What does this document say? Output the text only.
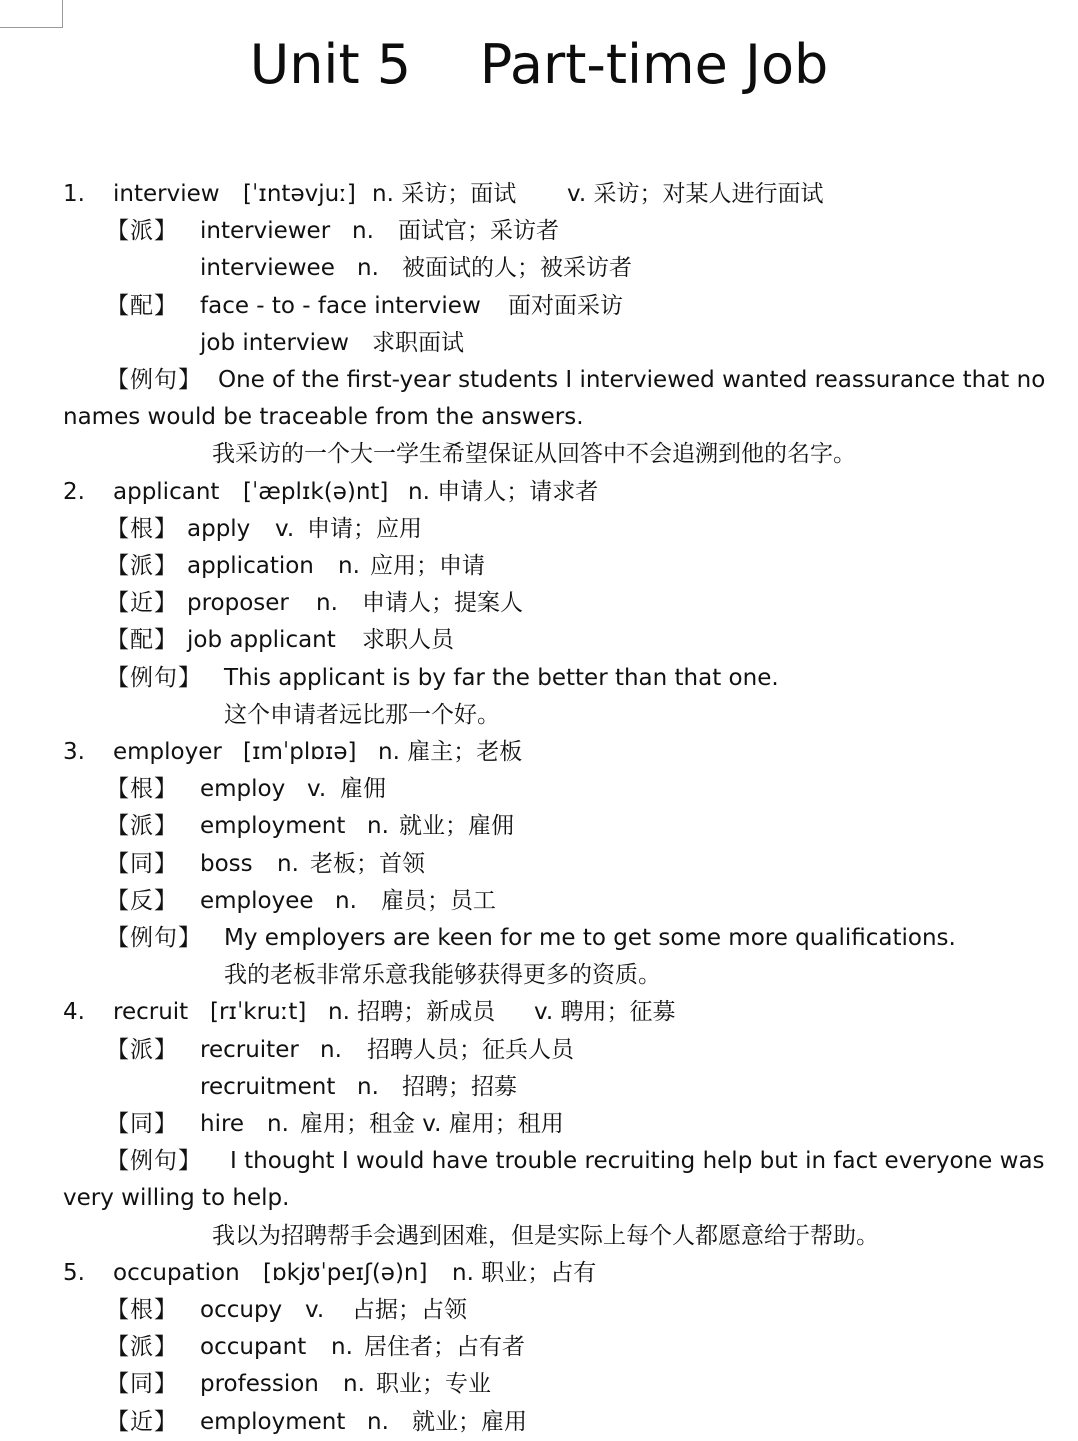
Unit 5    Part-time Job
1. interview [ˈɪntəvjuː] n. 采访；面试 v. 采访；对某人进行面试
【派】 interviewer n. 面试官；采访者
interviewee n. 被面试的人；被采访者
【配】 face - to - face interview 面对面采访
job interview 求职面试
【例句】 One of the first-year students I interviewed wanted reassurance that no
names would be traceable from the answers.
我采访的一个大一学生希望保证从回答中不会追溯到他的名字。
2. applicant [ˈæplɪk(ə)nt] n. 申请人；请求者
【根】 apply v. 申请；应用
【派】 application n. 应用；申请
【近】 proposer n. 申请人；提案人
【配】 job applicant 求职人员
【例句】 This applicant is by far the better than that one.
这个申请者远比那一个好。
3. employer [ɪmˈplɒɪə] n. 雇主；老板
【根】 employ v. 雇佣
【派】 employment n. 就业；雇佣
【同】 boss n. 老板；首领
【反】 employee n. 雇员；员工
【例句】 My employers are keen for me to get some more qualifications.
我的老板非常乐意我能够获得更多的资质。
4. recruit [rɪˈkruːt] n. 招聘；新成员 v. 聘用；征募
【派】 recruiter n. 招聘人员；征兵人员
recruitment n. 招聘；招募
【同】 hire n. 雇用；租金 v. 雇用；租用
【例句】 I thought I would have trouble recruiting help but in fact everyone was
very willing to help.
我以为招聘帮手会遇到困难，但是实际上每个人都愿意给于帮助。
5. occupation [ɒkjʊˈpeɪʃ(ə)n] n. 职业；占有
【根】 occupy v. 占据；占领
【派】 occupant n. 居住者；占有者
【同】 profession n. 职业；专业
【近】 employment n. 就业；雇用
